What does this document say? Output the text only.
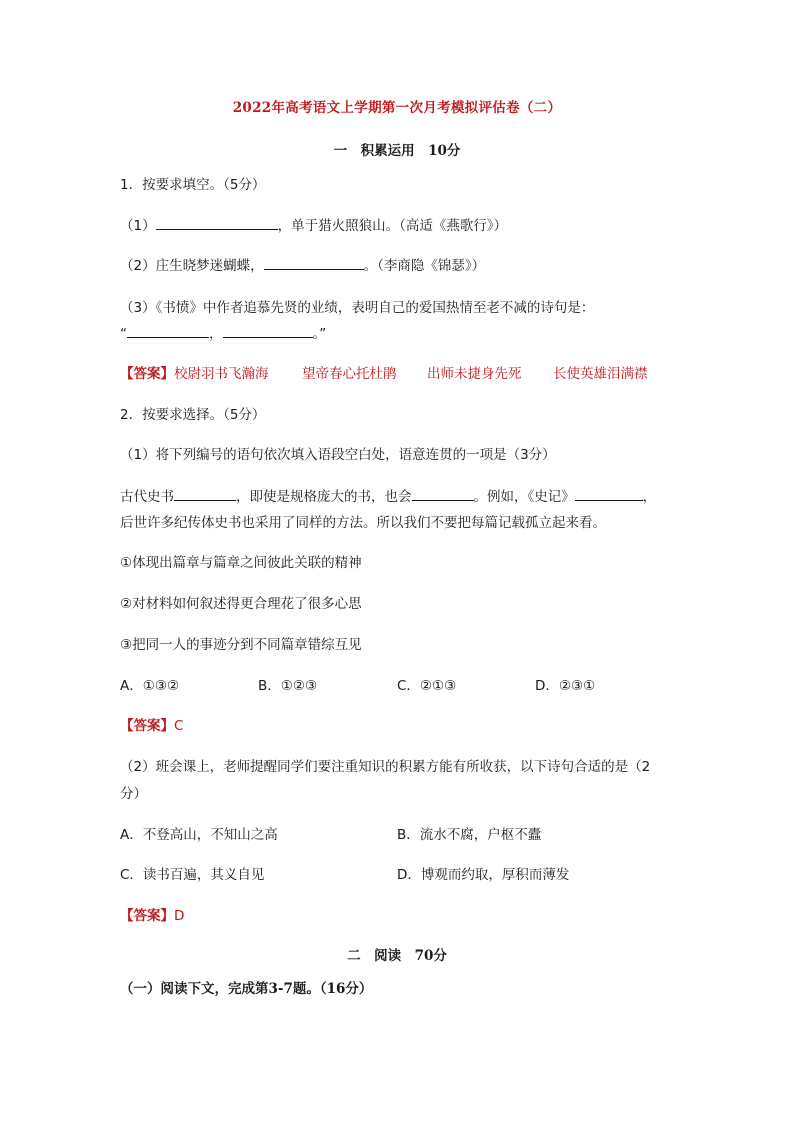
2022年高考语文上学期第一次月考模拟评估卷（二）
一　积累运用　10分
1．按要求填空。（5分）
（1）	，单于猎火照狼山。（高适《燕歌行》）
（2）庄生晓梦迷蝴蝶，	。（李商隐《锦瑟》）
（3）《书愤》中作者追慕先贤的业绩，表明自己的爱国热情至老不减的诗句是：
“	，	。”
【答案】校尉羽书飞瀚海 望帝春心托杜鹃 出师未捷身先死 长使英雄泪满襟
2．按要求选择。（5分）
（1）将下列编号的语句依次填入语段空白处，语意连贯的一项是（3分）
古代史书	，即使是规格庞大的书，也会	。例如，《史记》	，
后世许多纪传体史书也采用了同样的方法。所以我们不要把每篇记载孤立起来看。
①体现出篇章与篇章之间彼此关联的精神
②对材料如何叙述得更合理花了很多心思
③把同一人的事迹分到不同篇章错综互见
A．①③②	B．①②③	C．②①③	D．②③①
【答案】C
（2）班会课上，老师提醒同学们要注重知识的积累方能有所收获，以下诗句合适的是（2
分）
A．不登高山，不知山之高	B．流水不腐，户枢不蠹
C．读书百遍，其义自见	D．博观而约取，厚积而薄发
【答案】D
二　阅读　70分
（一）阅读下文，完成第3-7题。（16分）
